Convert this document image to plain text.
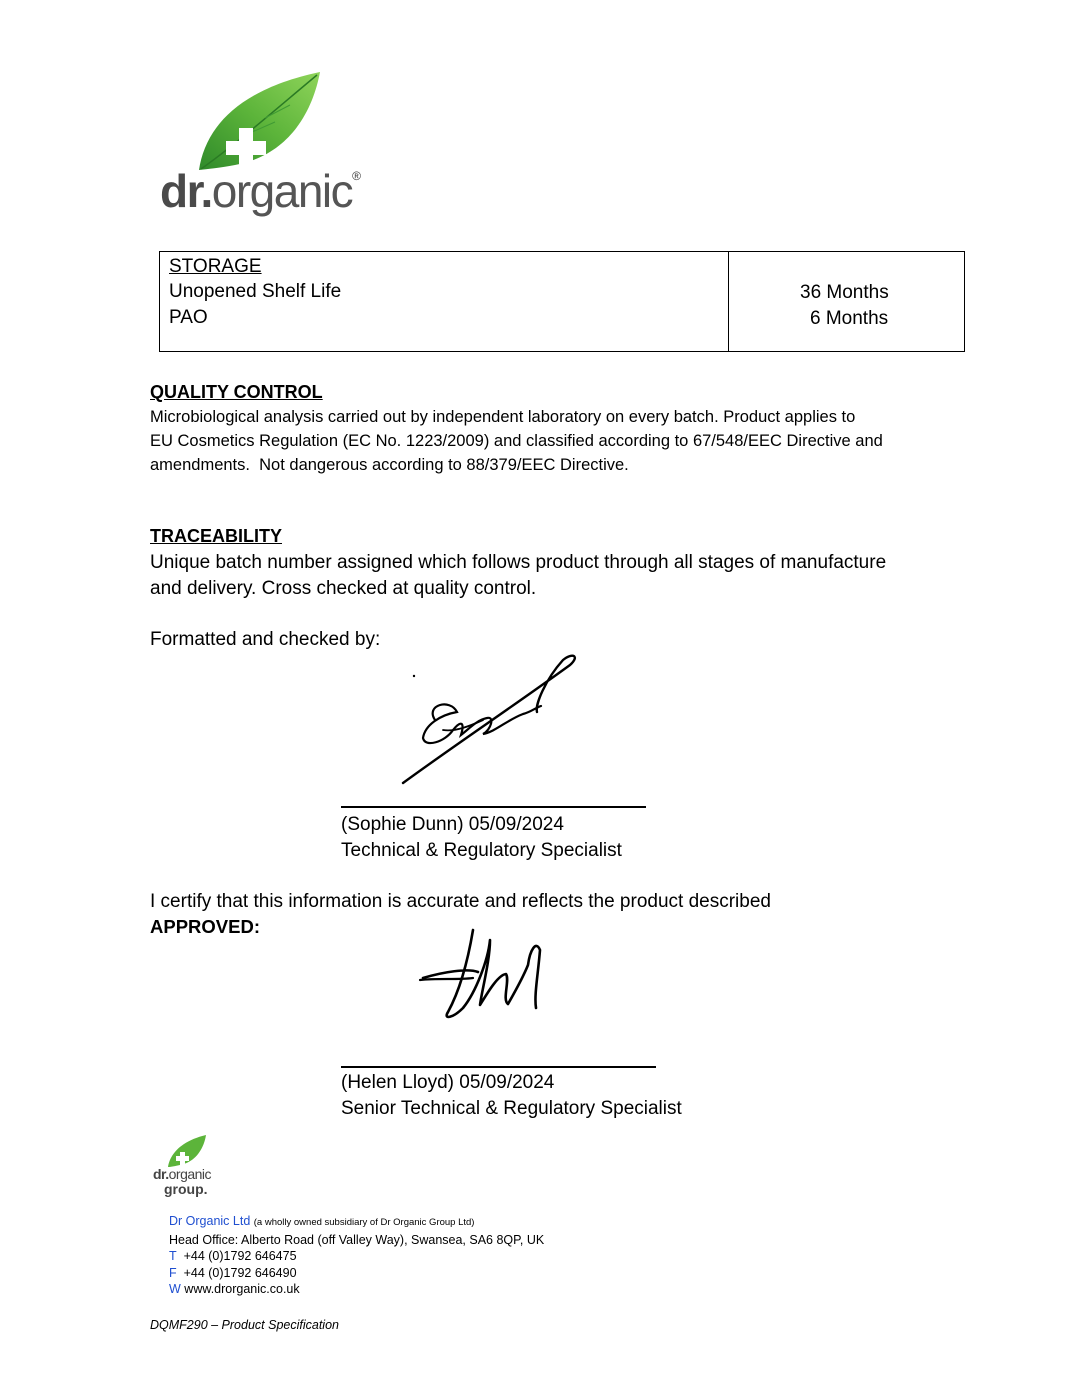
dr.organic®
STORAGE
Unopened Shelf Life
PAO
36 Months
6 Months
QUALITY CONTROL
Microbiological analysis carried out by independent laboratory on every batch. Product applies to
EU Cosmetics Regulation (EC No. 1223/2009) and classified according to 67/548/EEC Directive and
amendments.  Not dangerous according to 88/379/EEC Directive.
TRACEABILITY
Unique batch number assigned which follows product through all stages of manufacture
and delivery. Cross checked at quality control.
Formatted and checked by:
(Sophie Dunn) 05/09/2024
Technical & Regulatory Specialist
I certify that this information is accurate and reflects the product described
APPROVED:
(Helen Lloyd) 05/09/2024
Senior Technical & Regulatory Specialist
dr.organic
group.
Dr Organic Ltd (a wholly owned subsidiary of Dr Organic Group Ltd)
Head Office: Alberto Road (off Valley Way), Swansea, SA6 8QP, UK
T +44 (0)1792 646475
F +44 (0)1792 646490
W www.drorganic.co.uk
DQMF290 – Product Specification
